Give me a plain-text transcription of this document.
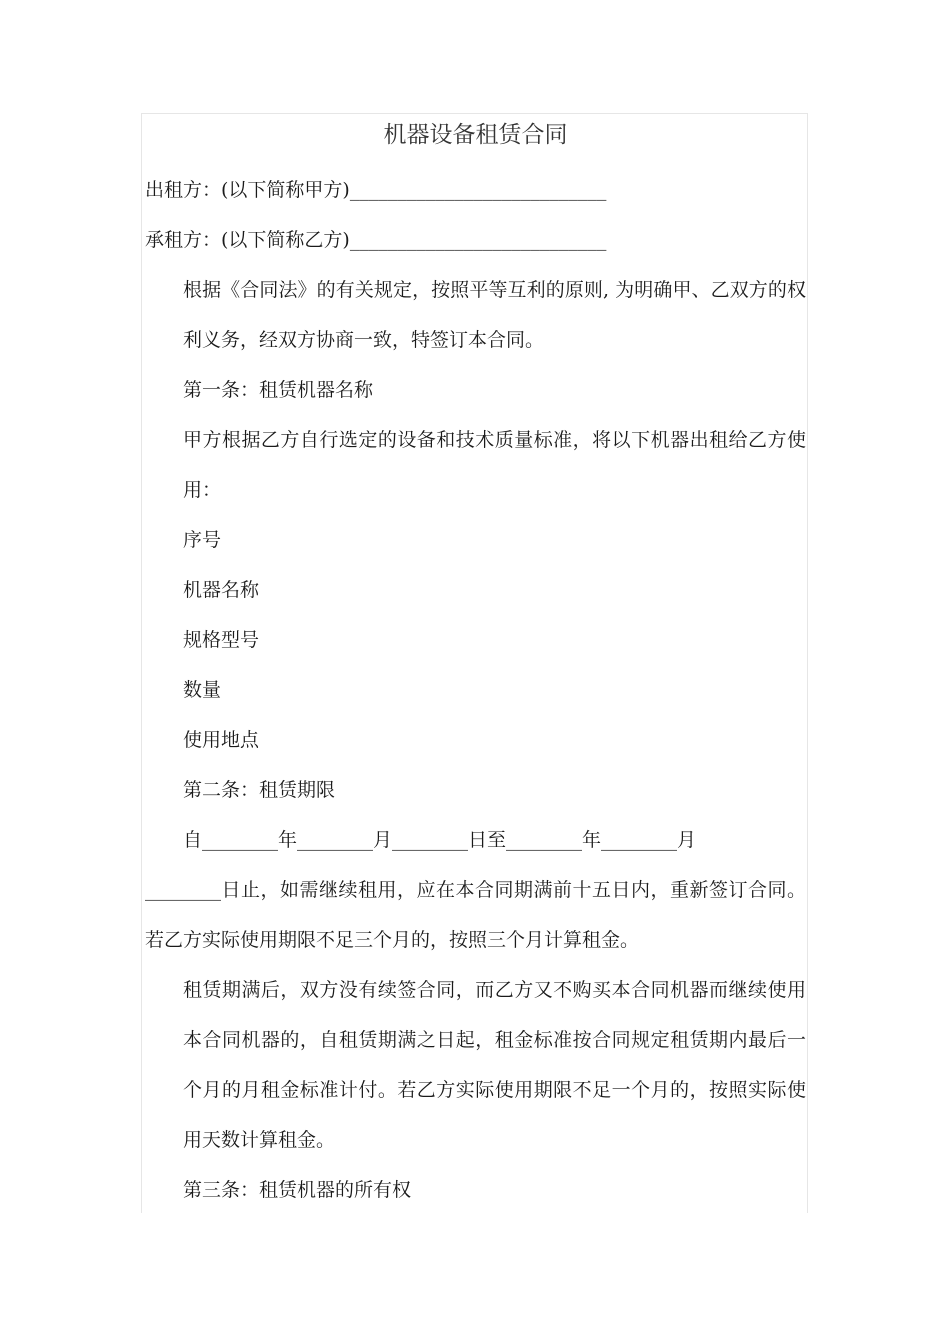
机器设备租赁合同

出租方：(以下简称甲方)___________________________

承租方：(以下简称乙方)___________________________

根据《合同法》的有关规定，按照平等互利的原则, 为明确甲、乙双方的权利义务，经双方协商一致，特签订本合同。

第一条：租赁机器名称

甲方根据乙方自行选定的设备和技术质量标准，将以下机器出租给乙方使用：

序号

机器名称

规格型号

数量

使用地点

第二条：租赁期限

自________年________月________日至________年________月

________日止，如需继续租用，应在本合同期满前十五日内，重新签订合同。若乙方实际使用期限不足三个月的，按照三个月计算租金。

租赁期满后，双方没有续签合同，而乙方又不购买本合同机器而继续使用本合同机器的，自租赁期满之日起，租金标准按合同规定租赁期内最后一个月的月租金标准计付。若乙方实际使用期限不足一个月的，按照实际使用天数计算租金。

第三条：租赁机器的所有权
